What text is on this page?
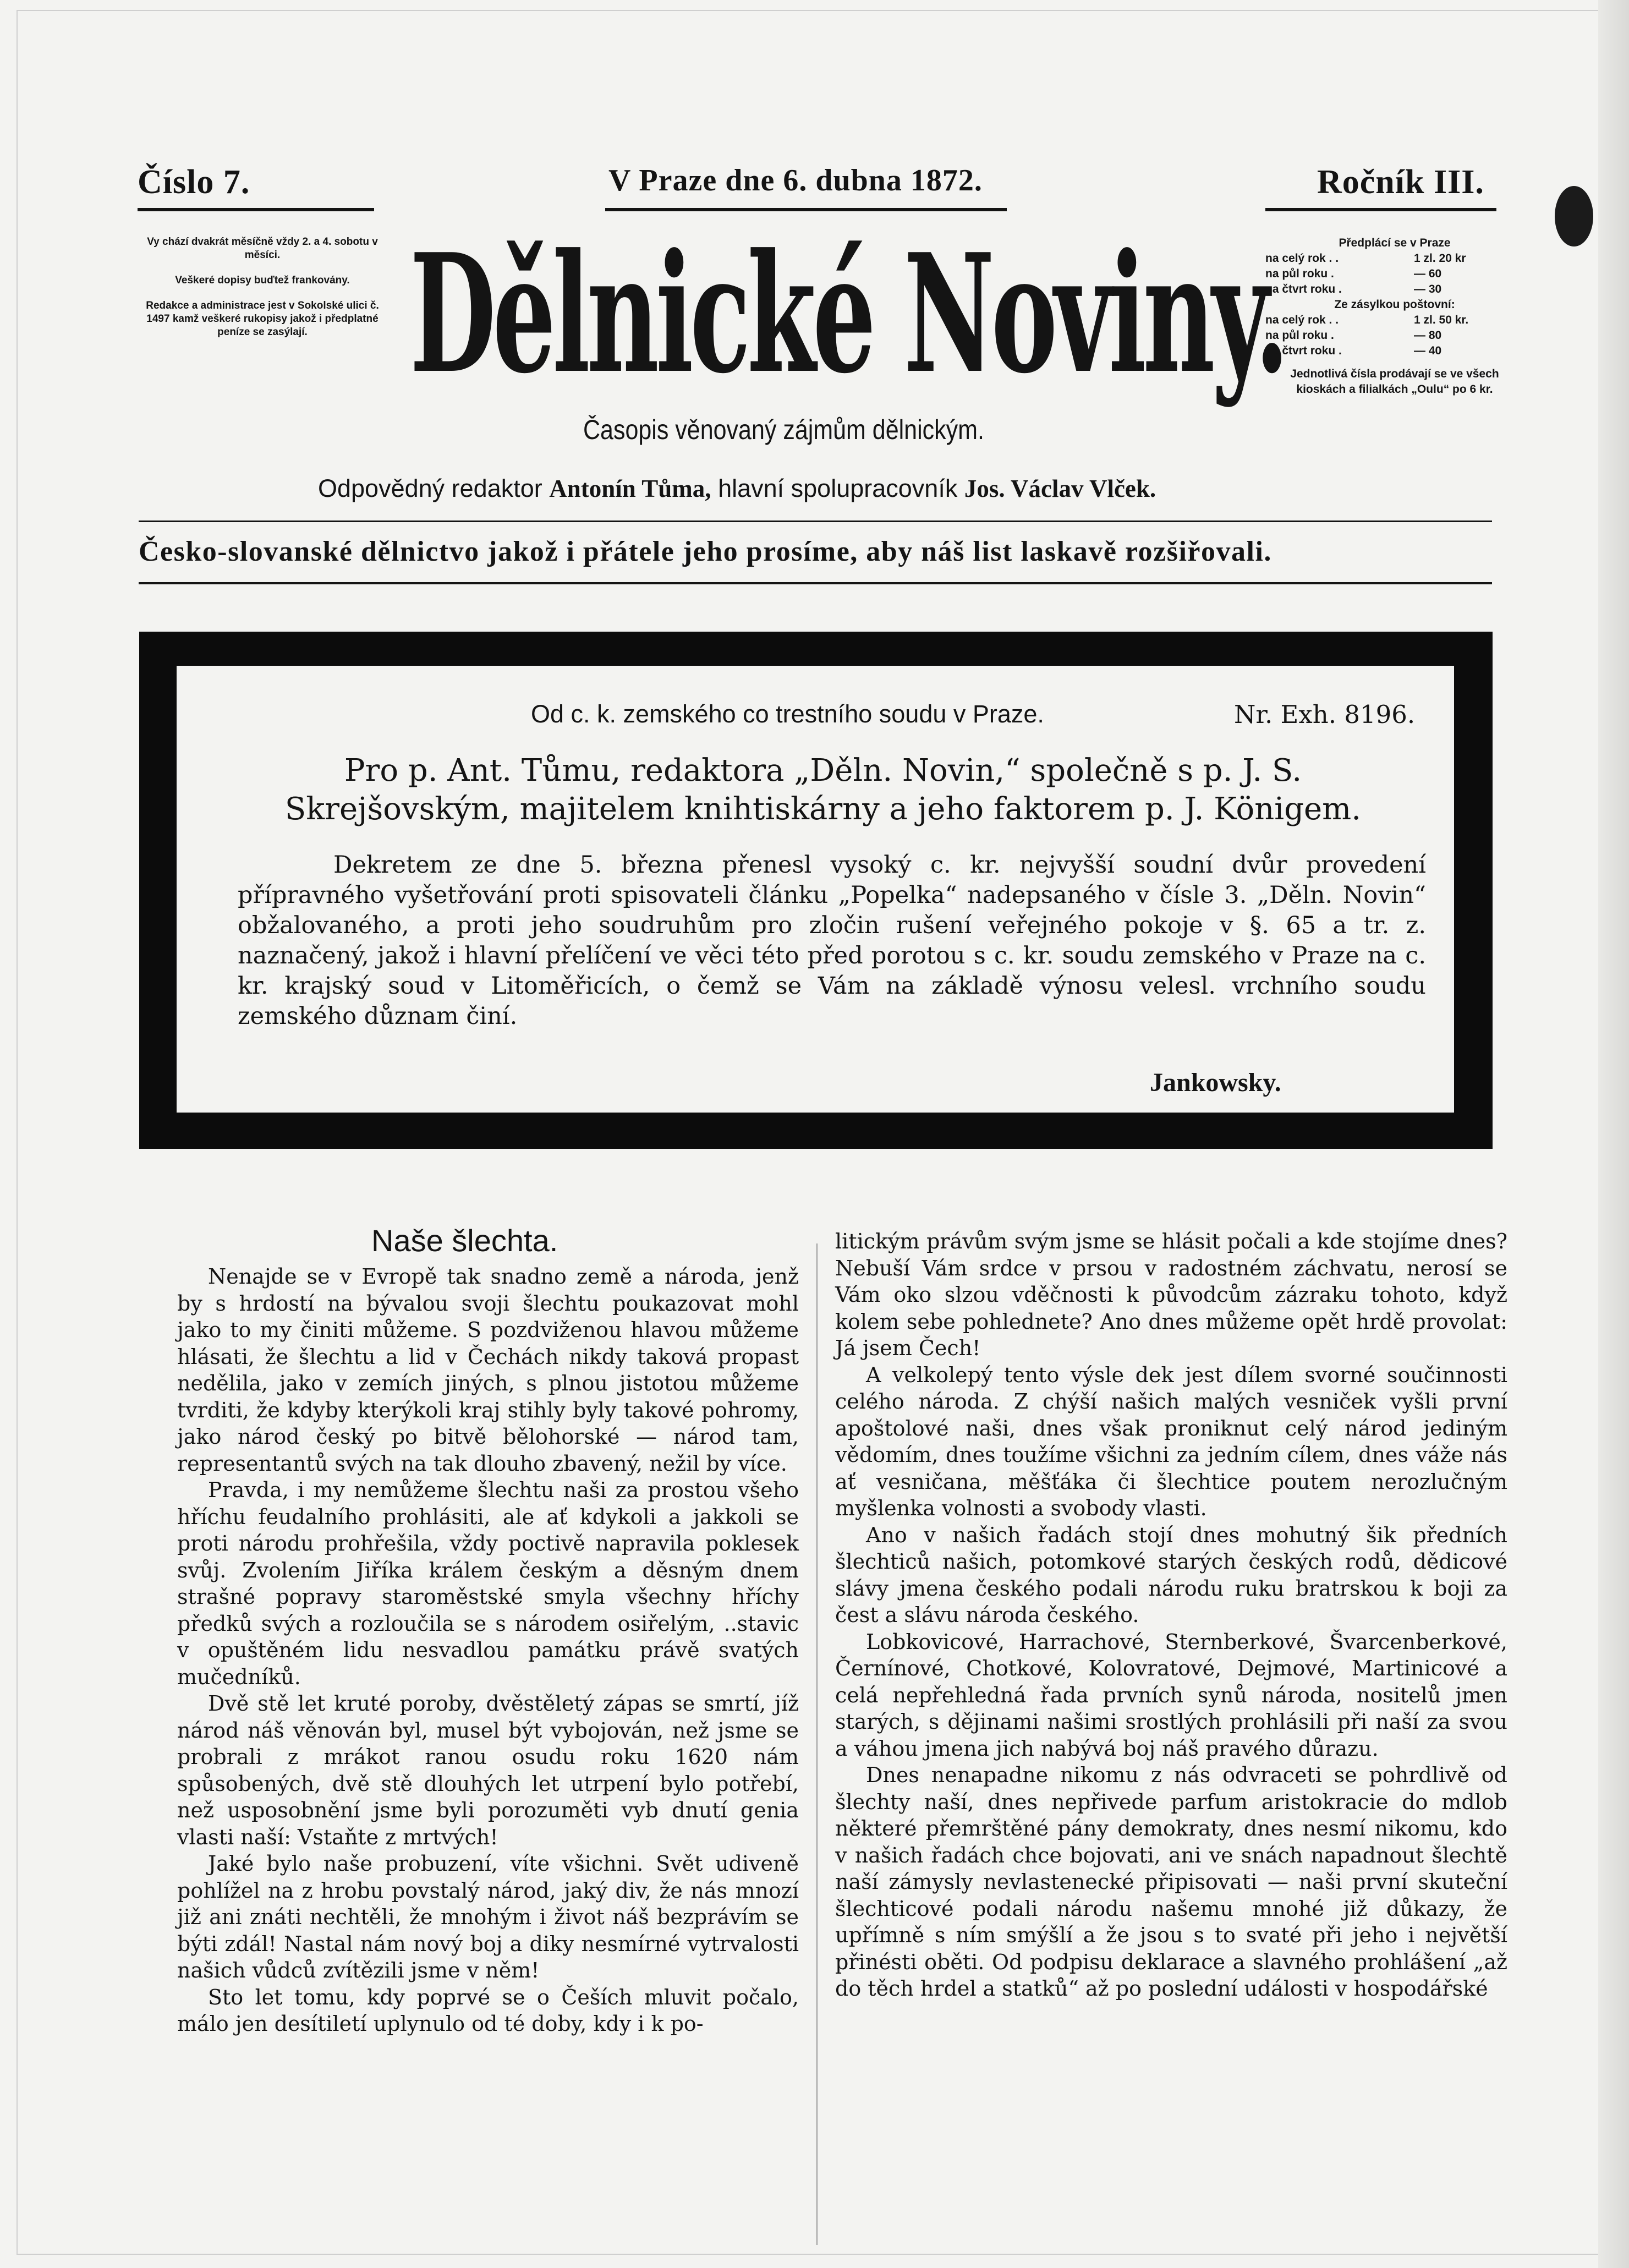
Číslo 7.	V Praze dne 6. dubna 1872.	Ročník III.

Vy chází dvakrát měsíčně vždy 2. a 4. sobotu v měsíci.

Veškeré dopisy buďtež frankovány.

Redakce a administrace jest v Sokolské ulici č. 1497 kamž veškeré rukopisy jakož i předplatné peníze se zasýlají. Dělnické Noviny.
Časopis věnovaný zájmům dělnickým.
Předplácí se v Praze
na celý rok . .	1 zl. 20 kr
na půl roku .	— 60
na čtvrt roku .	— 30
Ze zásylkou poštovní:
na celý rok . .	1 zl. 50 kr.
na půl roku .	— 80
na čtvrt roku .	— 40
Jednotlivá čísla prodávají se ve všech kioskách a filialkách „Oulu“ po 6 kr.
Odpovědný redaktor Antonín Tůma, hlavní spolupracovník Jos. Václav Vlček.
Česko-slovanské dělnictvo jakož i přátele jeho prosíme, aby náš list laskavě rozšiřovali.
Od c. k. zemského co trestního soudu v Praze.	Nr. Exh. 8196.
Pro p. Ant. Tůmu, redaktora „Děln. Novin,“ společně s p. J. S. Skrejšovským, majitelem knihtiskárny a jeho faktorem p. J. Königem.
Dekretem ze dne 5. března přenesl vysoký c. kr. nejvyšší soudní dvůr provedení přípravného vyšetřování proti spisovateli článku „Popelka“ nadepsaného v čísle 3. „Děln. Novin“ obžalovaného, a proti jeho soudruhům pro zločin rušení veřejného pokoje v §. 65 a tr. z. naznačený, jakož i hlavní přelíčení ve věci této před porotou s c. kr. soudu zemského v Praze na c. kr. krajský soud v Litoměřicích, o čemž se Vám na základě výnosu velesl. vrchního soudu zemského důznam činí.
Jankowsky.
Naše šlechta.

Nenajde se v Evropě tak snadno země a národa, jenž by s hrdostí na bývalou svoji šlechtu poukazovat mohl jako to my činiti můžeme. S pozdviženou hlavou můžeme hlásati, že šlechtu a lid v Čechách nikdy taková propast nedělila, jako v zemích jiných, s plnou jistotou můžeme tvrditi, že kdyby kterýkoli kraj stihly byly takové pohromy, jako národ český po bitvě bělohorské — národ tam, representantů svých na tak dlouho zbavený, nežil by více.

Pravda, i my nemůžeme šlechtu naši za prostou všeho hříchu feudalního prohlásiti, ale ať kdykoli a jakkoli se proti národu prohřešila, vždy poctivě napravila poklesek svůj. Zvolením Jiříka králem českým a děsným dnem strašné popravy staroměstské smyla všechny hříchy předků svých a rozloučila se s národem osiřelým, ..stavic v opuštěném lidu nesvadlou památku právě svatých mučedníků.

Dvě stě let kruté poroby, dvěstěletý zápas se smrtí, jíž národ náš věnován byl, musel být vybojován, než jsme se probrali z mrákot ranou osudu roku 1620 nám spůsobených, dvě stě dlouhých let utrpení bylo potřebí, než usposobnění jsme byli porozuměti vyb dnutí genia vlasti naší: Vstaňte z mrtvých!

Jaké bylo naše probuzení, víte všichni. Svět udiveně pohlížel na z hrobu povstalý národ, jaký div, že nás mnozí již ani znáti nechtěli, že mnohým i život náš bezprávím se býti zdál! Nastal nám nový boj a diky nesmírné vytrvalosti našich vůdců zvítězili jsme v něm!

Sto let tomu, kdy poprvé se o Češích mluvit počalo, málo jen desítiletí uplynulo od té doby, kdy i k po-

litickým právům svým jsme se hlásit počali a kde stojíme dnes? Nebuší Vám srdce v prsou v radostném záchvatu, nerosí se Vám oko slzou vděčnosti k původcům zázraku tohoto, když kolem sebe pohlednete? Ano dnes můžeme opět hrdě provolat: Já jsem Čech!

A velkolepý tento výsle dek jest dílem svorné součinnosti celého národa. Z chýší našich malých vesniček vyšli první apoštolové naši, dnes však proniknut celý národ jediným vědomím, dnes toužíme všichni za jedním cílem, dnes váže nás ať vesničana, měšťáka či šlechtice poutem nerozlučným myšlenka volnosti a svobody vlasti.

Ano v našich řadách stojí dnes mohutný šik předních šlechticů našich, potomkové starých českých rodů, dědicové slávy jmena českého podali národu ruku bratrskou k boji za čest a slávu národa českého.

Lobkovicové, Harrachové, Sternberkové, Švarcenberkové, Černínové, Chotkové, Kolovratové, Dejmové, Martinicové a celá nepřehledná řada prvních synů národa, nositelů jmen starých, s dějinami našimi srostlých prohlásili při naší za svou a váhou jmena jich nabývá boj náš pravého důrazu.

Dnes nenapadne nikomu z nás odvraceti se pohrdlivě od šlechty naší, dnes nepřivede parfum aristokracie do mdlob některé přemrštěné pány demokraty, dnes nesmí nikomu, kdo v našich řadách chce bojovati, ani ve snách napadnout šlechtě naší zámysly nevlastenecké připisovati — naši první skuteční šlechticové podali národu našemu mnohé již důkazy, že upřímně s ním smýšlí a že jsou s to svaté při jeho i největší přinésti oběti. Od podpisu deklarace a slavného prohlášení „až do těch hrdel a statků“ až po poslední události v hospodářské
